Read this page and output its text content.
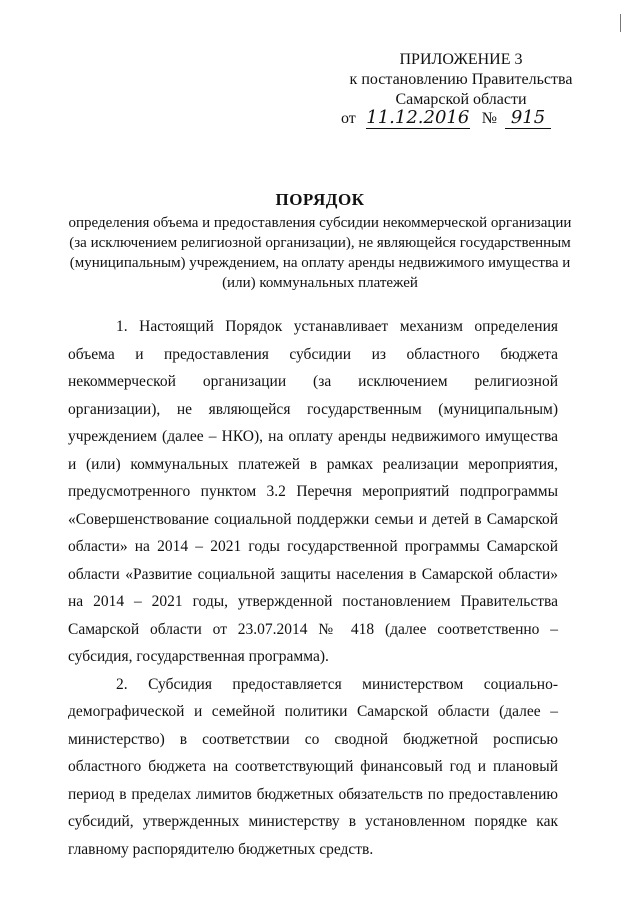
ПРИЛОЖЕНИЕ 3
к постановлению Правительства
Самарской области
от 11.12.2016 № 915
ПОРЯДОК
определения объема и предоставления субсидии некоммерческой организации (за исключением религиозной организации), не являющейся государственным (муниципальным) учреждением, на оплату аренды недвижимого имущества и (или) коммунальных платежей

1. Настоящий Порядок устанавливает механизм определения объема и предоставления субсидии из областного бюджета некоммерческой организации (за исключением религиозной организации), не являющейся государственным (муниципальным) учреждением (далее – НКО), на оплату аренды недвижимого имущества и (или) коммунальных платежей в рамках реализации мероприятия, предусмотренного пунктом 3.2 Перечня мероприятий подпрограммы «Совершенствование социальной поддержки семьи и детей в Самарской области» на 2014 – 2021 годы государственной программы Самарской области «Развитие социальной защиты населения в Самарской области» на 2014 – 2021 годы, утвержденной постановлением Правительства Самарской области от 23.07.2014 № 418 (далее соответственно – субсидия, государственная программа).

2. Субсидия предоставляется министерством социально-демографической и семейной политики Самарской области (далее – министерство) в соответствии со сводной бюджетной росписью областного бюджета на соответствующий финансовый год и плановый период в пределах лимитов бюджетных обязательств по предоставлению субсидий, утвержденных министерству в установленном порядке как главному распорядителю бюджетных средств.
